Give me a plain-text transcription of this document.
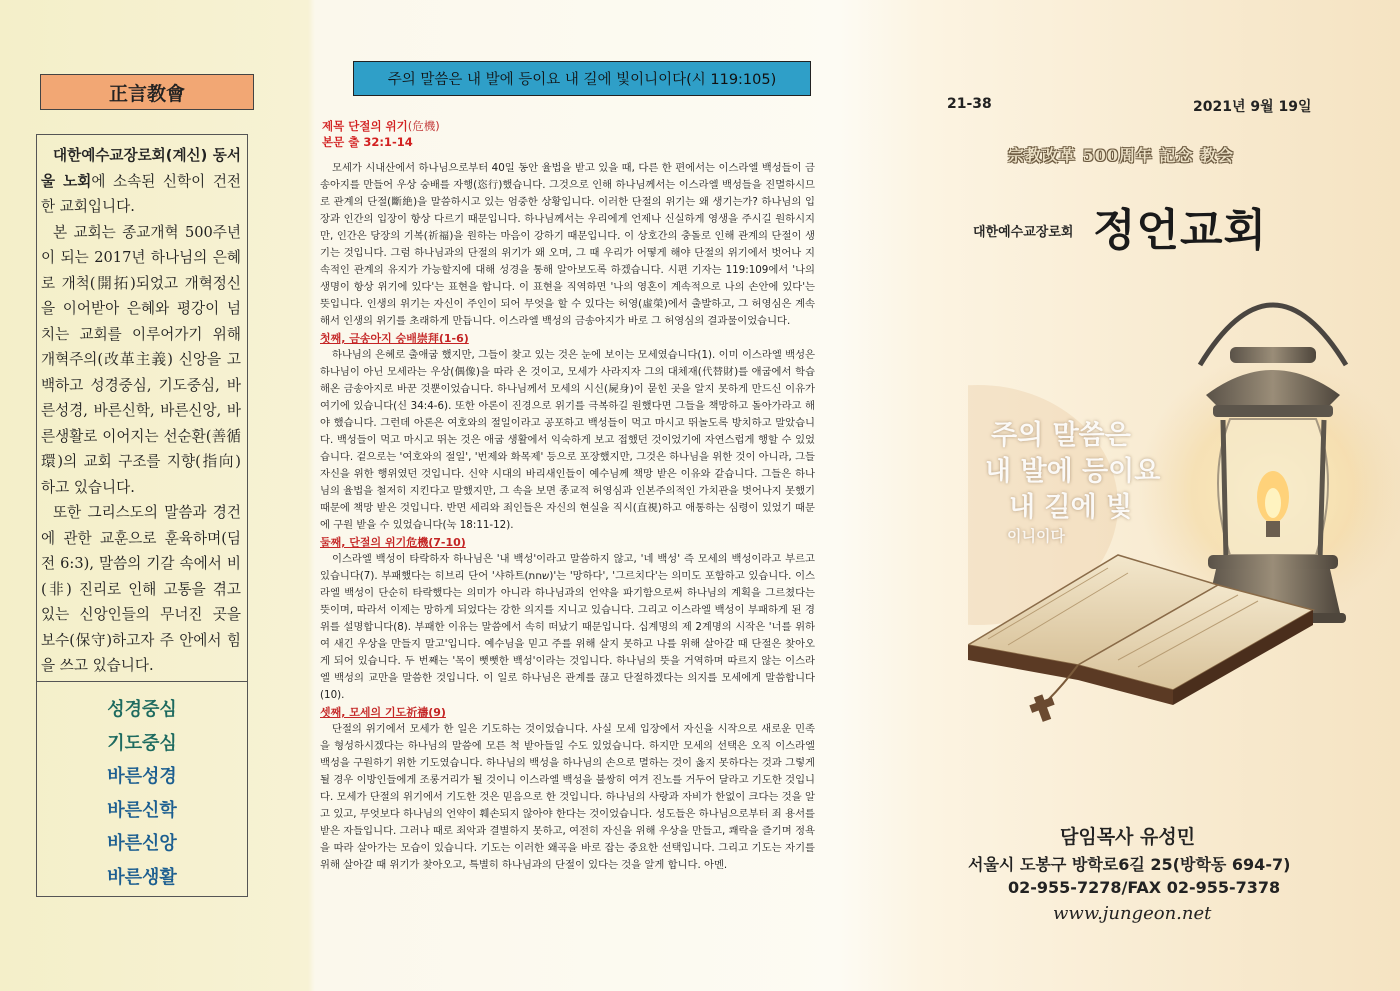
正言教會

대한예수교장로회(계신) 동서울 노회에 소속된 신학이 건전한 교회입니다.

본 교회는 종교개혁 500주년이 되는 2017년 하나님의 은혜로 개척(開拓)되었고 개혁정신을 이어받아 은혜와 평강이 넘치는 교회를 이루어가기 위해 개혁주의(改革主義) 신앙을 고백하고 성경중심, 기도중심, 바른성경, 바른신학, 바른신앙, 바른생활로 이어지는 선순환(善循環)의 교회 구조를 지향(指向)하고 있습니다.

또한 그리스도의 말씀과 경건에 관한 교훈으로 훈육하며(딤전 6:3), 말씀의 기갈 속에서 비(非) 진리로 인해 고통을 겪고 있는 신앙인들의 무너진 곳을 보수(保守)하고자 주 안에서 힘을 쓰고 있습니다.

성경중심
기도중심
바른성경
바른신학
바른신앙
바른생활
주의 말씀은 내 발에 등이요 내 길에 빛이니이다(시 119:105)
제목 단절의 위기(危機)
본문 출 32:1-14

모세가 시내산에서 하나님으로부터 40일 동안 율법을 받고 있을 때, 다른 한 편에서는 이스라엘 백성들이 금송아지를 만들어 우상 숭배를 자행(恣行)했습니다. 그것으로 인해 하나님께서는 이스라엘 백성들을 진멸하시므로 관계의 단절(斷絶)을 말씀하시고 있는 엄중한 상황입니다. 이러한 단절의 위기는 왜 생기는가? 하나님의 입장과 인간의 입장이 항상 다르기 때문입니다. 하나님께서는 우리에게 언제나 신실하게 영생을 주시길 원하시지만, 인간은 당장의 기복(祈福)을 원하는 마음이 강하기 때문입니다. 이 상호간의 충돌로 인해 관계의 단절이 생기는 것입니다. 그럼 하나님과의 단절의 위기가 왜 오며, 그 때 우리가 어떻게 해야 단절의 위기에서 벗어나 지속적인 관계의 유지가 가능할지에 대해 성경을 통해 알아보도록 하겠습니다. 시편 기자는 119:109에서 '나의 생명이 항상 위기에 있다'는 표현을 합니다. 이 표현을 직역하면 '나의 영혼이 계속적으로 나의 손안에 있다'는 뜻입니다. 인생의 위기는 자신이 주인이 되어 무엇을 할 수 있다는 허영(虛榮)에서 출발하고, 그 허영심은 계속해서 인생의 위기를 초래하게 만듭니다. 이스라엘 백성의 금송아지가 바로 그 허영심의 결과물이었습니다.

첫째, 금송아지 숭배崇拜(1-6)

하나님의 은혜로 출애굽 했지만, 그들이 찾고 있는 것은 눈에 보이는 모세였습니다(1). 이미 이스라엘 백성은 하나님이 아닌 모세라는 우상(偶像)을 따라 온 것이고, 모세가 사라지자 그의 대체재(代替財)를 애굽에서 학습해온 금송아지로 바꾼 것뿐이었습니다. 하나님께서 모세의 시신(屍身)이 묻힌 곳을 알지 못하게 만드신 이유가 여기에 있습니다(신 34:4-6). 또한 아론이 진경으로 위기를 극복하길 원했다면 그들을 책망하고 돌아가라고 해야 했습니다. 그런데 아론은 여호와의 절일이라고 공포하고 백성들이 먹고 마시고 뛰놀도록 방치하고 말았습니다. 백성들이 먹고 마시고 뛰논 것은 애굽 생활에서 익숙하게 보고 접했던 것이었기에 자연스럽게 행할 수 있었습니다. 겉으로는 '여호와의 절일', '번제와 화목제' 등으로 포장했지만, 그것은 하나님을 위한 것이 아니라, 그들 자신을 위한 행위였던 것입니다. 신약 시대의 바리새인들이 예수님께 책망 받은 이유와 같습니다. 그들은 하나님의 율법을 철저히 지킨다고 말했지만, 그 속을 보면 종교적 허영심과 인본주의적인 가치관을 벗어나지 못했기 때문에 책망 받은 것입니다. 반면 세리와 죄인들은 자신의 현실을 직시(直視)하고 애통하는 심령이 있었기 때문에 구원 받을 수 있었습니다(눅 18:11-12).

둘째, 단절의 위기危機(7-10)

이스라엘 백성이 타락하자 하나님은 '내 백성'이라고 말씀하지 않고, '네 백성' 즉 모세의 백성이라고 부르고 있습니다(7). 부패했다는 히브리 단어 '샤하트(שחת)'는 '망하다', '그르치다'는 의미도 포함하고 있습니다. 이스라엘 백성이 단순히 타락했다는 의미가 아니라 하나님과의 언약을 파기함으로써 하나님의 계획을 그르쳤다는 뜻이며, 따라서 이제는 망하게 되었다는 강한 의지를 지니고 있습니다. 그리고 이스라엘 백성이 부패하게 된 경위를 설명합니다(8). 부패한 이유는 말씀에서 속히 떠났기 때문입니다. 십계명의 제 2계명의 시작은 '너를 위하여 새긴 우상을 만들지 말고'입니다. 예수님을 믿고 주를 위해 살지 못하고 나를 위해 살아갈 때 단절은 찾아오게 되어 있습니다. 두 번째는 '목이 뻣뻣한 백성'이라는 것입니다. 하나님의 뜻을 거역하며 따르지 않는 이스라엘 백성의 교만을 말씀한 것입니다. 이 일로 하나님은 관계를 끊고 단절하겠다는 의지를 모세에게 말씀합니다(10).

셋째, 모세의 기도祈禱(9)

단절의 위기에서 모세가 한 일은 기도하는 것이었습니다. 사실 모세 입장에서 자신을 시작으로 새로운 민족을 형성하시겠다는 하나님의 말씀에 모른 척 받아들일 수도 있었습니다. 하지만 모세의 선택은 오직 이스라엘 백성을 구원하기 위한 기도였습니다. 하나님의 백성을 하나님의 손으로 멸하는 것이 옳지 못하다는 것과 그렇게 될 경우 이방인들에게 조롱거리가 될 것이니 이스라엘 백성을 불쌍히 여겨 진노를 거두어 달라고 기도한 것입니다. 모세가 단절의 위기에서 기도한 것은 믿음으로 한 것입니다. 하나님의 사랑과 자비가 한없이 크다는 것을 알고 있고, 무엇보다 하나님의 언약이 훼손되지 않아야 한다는 것이었습니다. 성도들은 하나님으로부터 죄 용서를 받은 자들입니다. 그러나 때로 죄악과 결별하지 못하고, 여전히 자신을 위해 우상을 만들고, 쾌락을 즐기며 정욕을 따라 살아가는 모습이 있습니다. 기도는 이러한 왜곡을 바로 잡는 중요한 선택입니다. 그리고 기도는 자기를 위해 살아갈 때 위기가 찾아오고, 특별히 하나님과의 단절이 있다는 것을 알게 합니다. 아멘.

21-38	2021년 9월 19일
宗教改革 500周年 記念 教会
대한예수교장로회 정언교회
주의 말씀은
내 발에 등이요
내 길에 빛
이니이다
담임목사 유성민
서울시 도봉구 방학로6길 25(방학동 694-7)
02-955-7278/FAX 02-955-7378
www.jungeon.net
